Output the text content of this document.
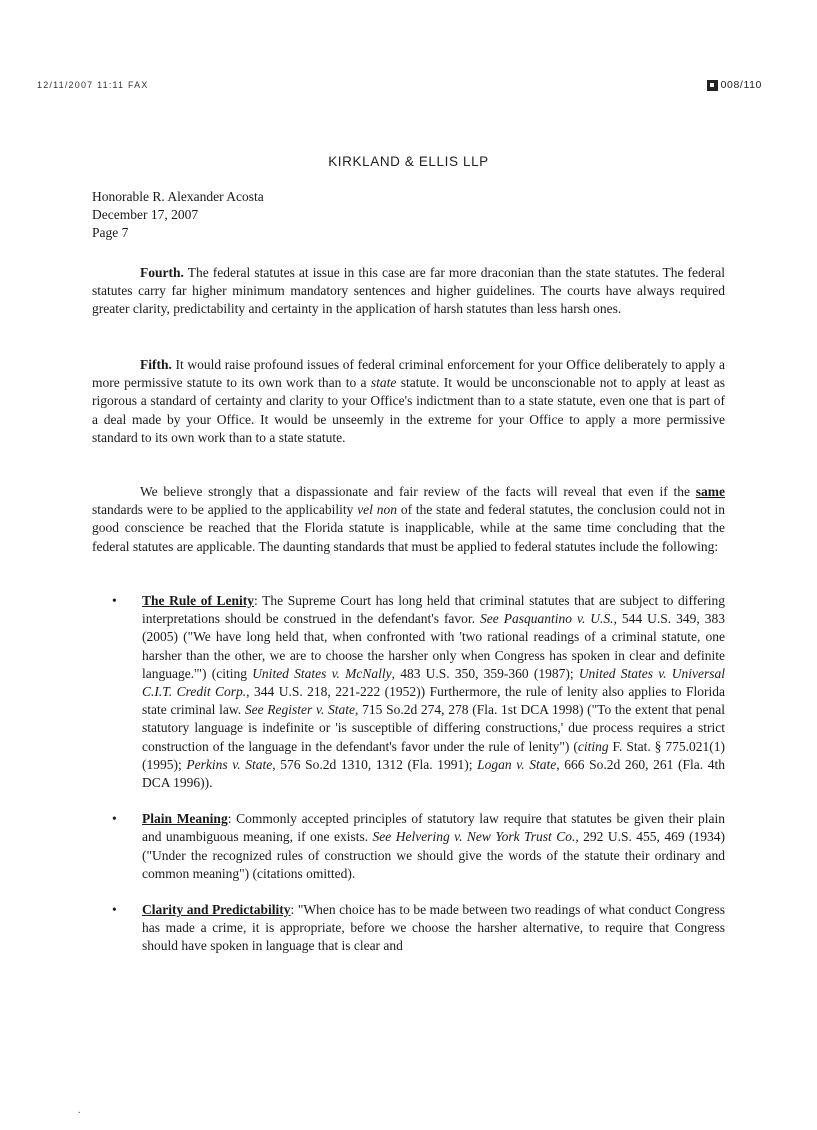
12/11/2007 11:11 FAX	008/110
KIRKLAND & ELLIS LLP
Honorable R. Alexander Acosta
December 17, 2007
Page 7

Fourth. The federal statutes at issue in this case are far more draconian than the state statutes. The federal statutes carry far higher minimum mandatory sentences and higher guidelines. The courts have always required greater clarity, predictability and certainty in the application of harsh statutes than less harsh ones.

Fifth. It would raise profound issues of federal criminal enforcement for your Office deliberately to apply a more permissive statute to its own work than to a state statute. It would be unconscionable not to apply at least as rigorous a standard of certainty and clarity to your Office's indictment than to a state statute, even one that is part of a deal made by your Office. It would be unseemly in the extreme for your Office to apply a more permissive standard to its own work than to a state statute.

We believe strongly that a dispassionate and fair review of the facts will reveal that even if the same standards were to be applied to the applicability vel non of the state and federal statutes, the conclusion could not in good conscience be reached that the Florida statute is inapplicable, while at the same time concluding that the federal statutes are applicable. The daunting standards that must be applied to federal statutes include the following:

• The Rule of Lenity: The Supreme Court has long held that criminal statutes that are subject to differing interpretations should be construed in the defendant's favor. See Pasquantino v. U.S., 544 U.S. 349, 383 (2005) ("We have long held that, when confronted with 'two rational readings of a criminal statute, one harsher than the other, we are to choose the harsher only when Congress has spoken in clear and definite language.'") (citing United States v. McNally, 483 U.S. 350, 359-360 (1987); United States v. Universal C.I.T. Credit Corp., 344 U.S. 218, 221-222 (1952)) Furthermore, the rule of lenity also applies to Florida state criminal law. See Register v. State, 715 So.2d 274, 278 (Fla. 1st DCA 1998) ("To the extent that penal statutory language is indefinite or 'is susceptible of differing constructions,' due process requires a strict construction of the language in the defendant's favor under the rule of lenity") (citing F. Stat. § 775.021(1) (1995); Perkins v. State, 576 So.2d 1310, 1312 (Fla. 1991); Logan v. State, 666 So.2d 260, 261 (Fla. 4th DCA 1996)).
• Plain Meaning: Commonly accepted principles of statutory law require that statutes be given their plain and unambiguous meaning, if one exists. See Helvering v. New York Trust Co., 292 U.S. 455, 469 (1934) ("Under the recognized rules of construction we should give the words of the statute their ordinary and common meaning") (citations omitted).
• Clarity and Predictability: "When choice has to be made between two readings of what conduct Congress has made a crime, it is appropriate, before we choose the harsher alternative, to require that Congress should have spoken in language that is clear and
.
